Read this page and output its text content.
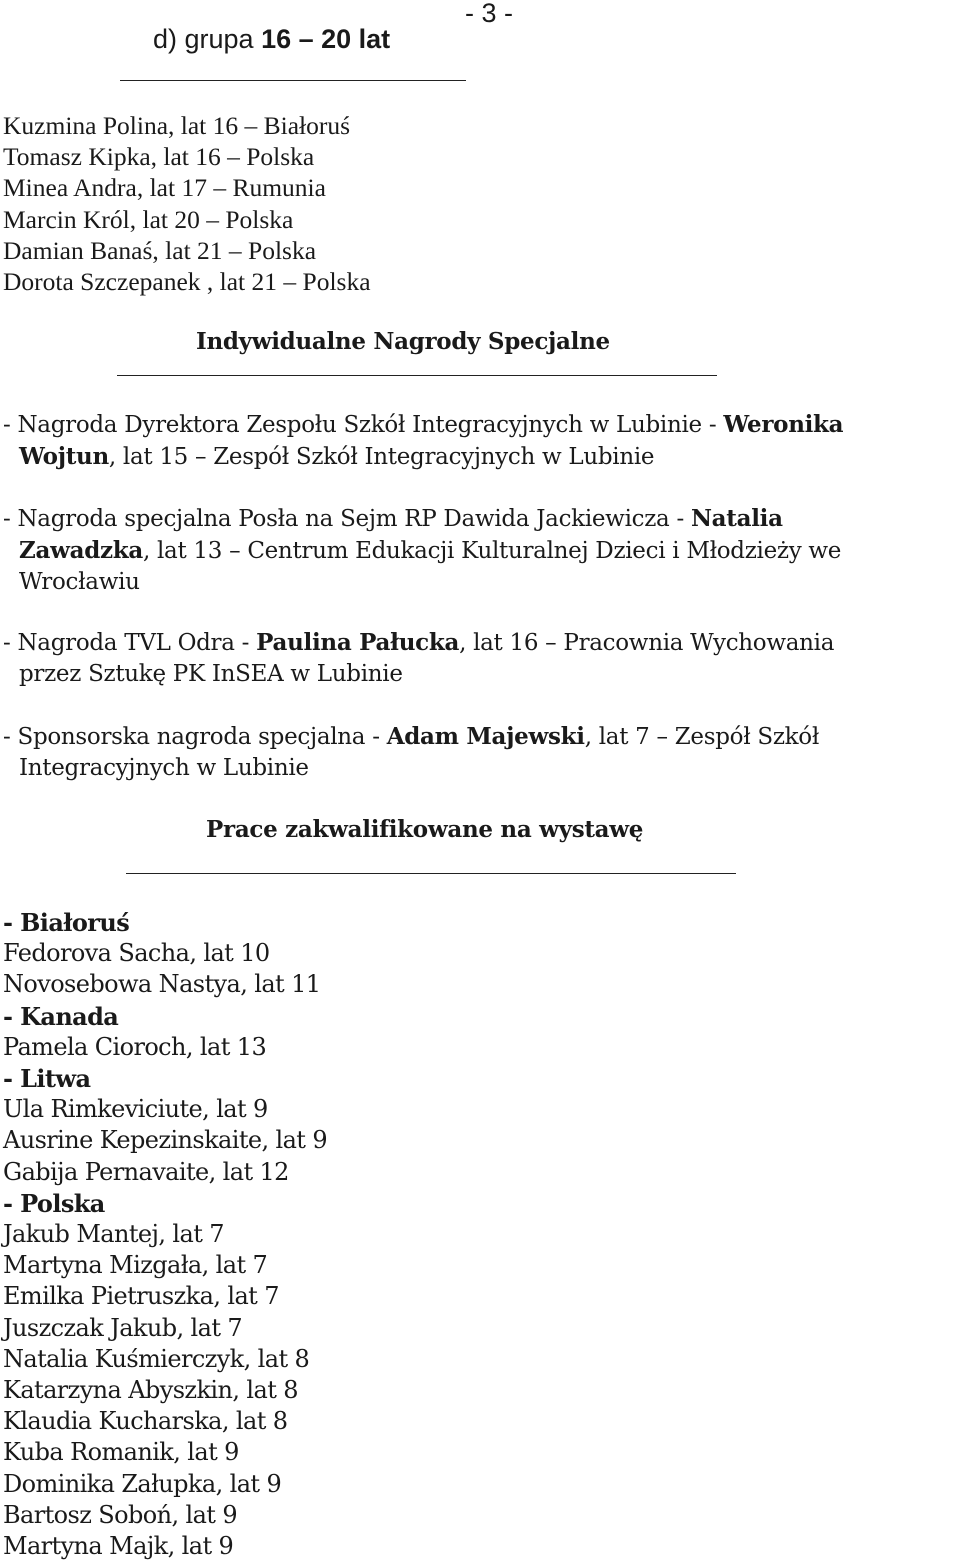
- 3 -
d) grupa 16 – 20 lat
Kuzmina Polina, lat 16 – Białoruś
Tomasz Kipka, lat 16 – Polska
Minea Andra, lat 17 – Rumunia
Marcin Król, lat 20 – Polska
Damian Banaś, lat 21 – Polska
Dorota Szczepanek , lat 21 – Polska
Indywidualne Nagrody Specjalne
- Nagroda Dyrektora Zespołu Szkół Integracyjnych w Lubinie - Weronika
Wojtun, lat 15 – Zespół Szkół Integracyjnych w Lubinie
- Nagroda specjalna Posła na Sejm RP Dawida Jackiewicza - Natalia
Zawadzka, lat 13 – Centrum Edukacji Kulturalnej Dzieci i Młodzieży we
Wrocławiu
- Nagroda TVL Odra - Paulina Pałucka, lat 16 – Pracownia Wychowania
przez Sztukę PK InSEA w Lubinie
- Sponsorska nagroda specjalna - Adam Majewski, lat 7 – Zespół Szkół
Integracyjnych w Lubinie
Prace zakwalifikowane na wystawę
- Białoruś
Fedorova Sacha, lat 10
Novosebowa Nastya, lat 11
- Kanada
Pamela Cioroch, lat 13
- Litwa
Ula Rimkeviciute, lat 9
Ausrine Kepezinskaite, lat 9
Gabija Pernavaite, lat 12
- Polska
Jakub Mantej, lat 7
Martyna Mizgała, lat 7
Emilka Pietruszka, lat 7
Juszczak Jakub, lat 7
Natalia Kuśmierczyk, lat 8
Katarzyna Abyszkin, lat 8
Klaudia Kucharska, lat 8
Kuba Romanik, lat 9
Dominika Załupka, lat 9
Bartosz Soboń, lat 9
Martyna Majk, lat 9
